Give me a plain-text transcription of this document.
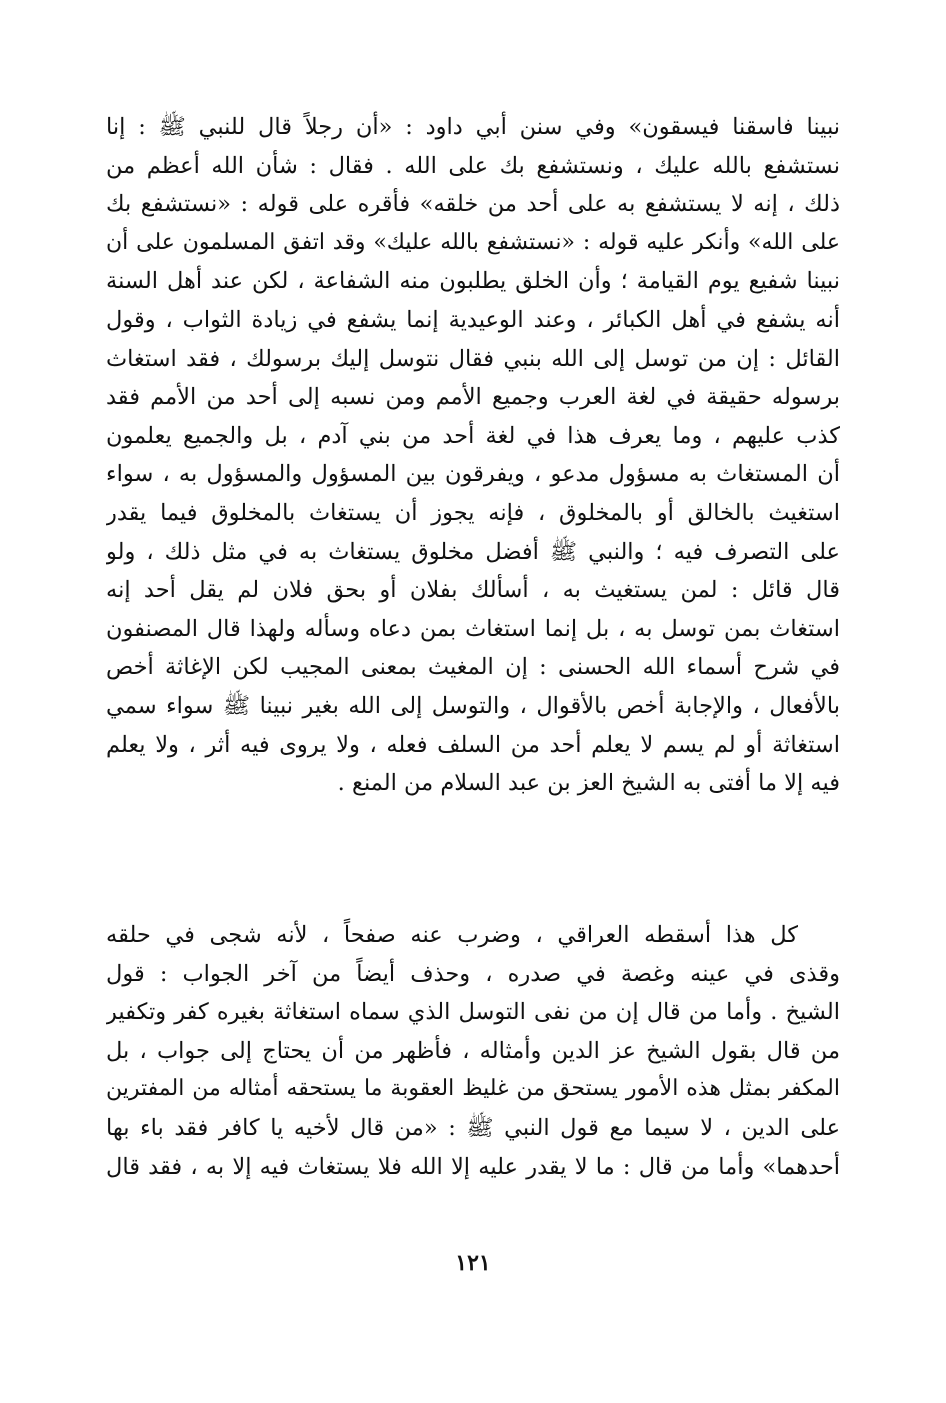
نبينا فاسقنا فيسقون» وفي سنن أبي داود : «أن رجلاً قال للنبي ﷺ : إنا
نستشفع بالله عليك ، ونستشفع بك على الله . فقال : شأن الله أعظم من
ذلك ، إنه لا يستشفع به على أحد من خلقه» فأقره على قوله : «نستشفع بك
على الله» وأنكر عليه قوله : «نستشفع بالله عليك» وقد اتفق المسلمون على أن
نبينا شفيع يوم القيامة ؛ وأن الخلق يطلبون منه الشفاعة ، لكن عند أهل السنة
أنه يشفع في أهل الكبائر ، وعند الوعيدية إنما يشفع في زيادة الثواب ، وقول
القائل : إن من توسل إلى الله بنبي فقال نتوسل إليك برسولك ، فقد استغاث
برسوله حقيقة في لغة العرب وجميع الأمم ومن نسبه إلى أحد من الأمم فقد
كذب عليهم ، وما يعرف هذا في لغة أحد من بني آدم ، بل والجميع يعلمون
أن المستغاث به مسؤول مدعو ، ويفرقون بين المسؤول والمسؤول به ، سواء
استغيث بالخالق أو بالمخلوق ، فإنه يجوز أن يستغاث بالمخلوق فيما يقدر
على التصرف فيه ؛ والنبي ﷺ أفضل مخلوق يستغاث به في مثل ذلك ، ولو
قال قائل : لمن يستغيث به ، أسألك بفلان أو بحق فلان لم يقل أحد إنه
استغاث بمن توسل به ، بل إنما استغاث بمن دعاه وسأله ولهذا قال المصنفون
في شرح أسماء الله الحسنى : إن المغيث بمعنى المجيب لكن الإغاثة أخص
بالأفعال ، والإجابة أخص بالأقوال ، والتوسل إلى الله بغير نبينا ﷺ سواء سمي
استغاثة أو لم يسم لا يعلم أحد من السلف فعله ، ولا يروى فيه أثر ، ولا يعلم
فيه إلا ما أفتى به الشيخ العز بن عبد السلام من المنع .
كل هذا أسقطه العراقي ، وضرب عنه صفحاً ، لأنه شجى في حلقه
وقذى في عينه وغصة في صدره ، وحذف أيضاً من آخر الجواب : قول
الشيخ . وأما من قال إن من نفى التوسل الذي سماه استغاثة بغيره كفر وتكفير
من قال بقول الشيخ عز الدين وأمثاله ، فأظهر من أن يحتاج إلى جواب ، بل
المكفر بمثل هذه الأمور يستحق من غليظ العقوبة ما يستحقه أمثاله من المفترين
على الدين ، لا سيما مع قول النبي ﷺ : «من قال لأخيه يا كافر فقد باء بها
أحدهما» وأما من قال : ما لا يقدر عليه إلا الله فلا يستغاث فيه إلا به ، فقد قال
١٢١
